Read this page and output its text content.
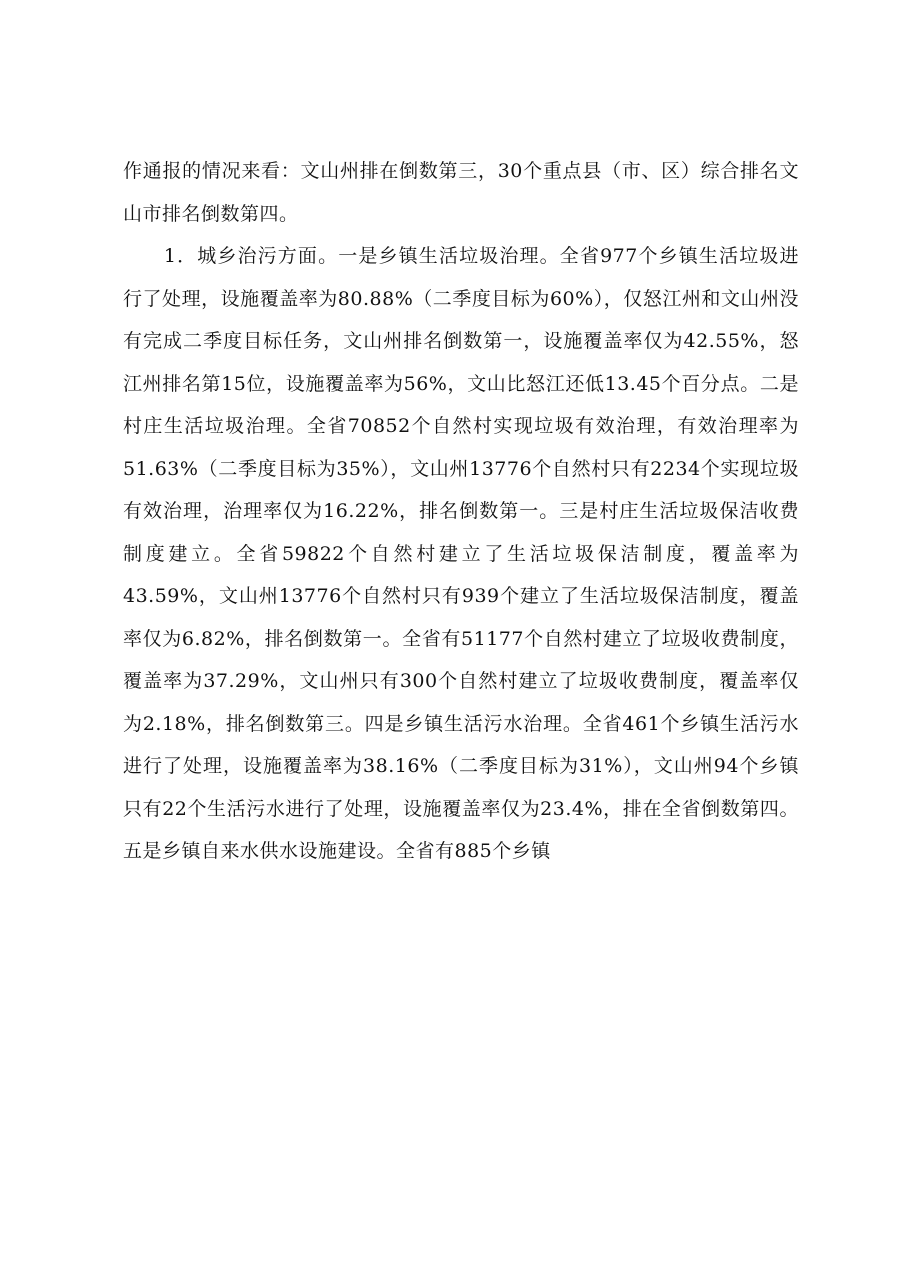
作通报的情况来看：文山州排在倒数第三，30个重点县（市、区）综合排名文山市排名倒数第四。

1．城乡治污方面。一是乡镇生活垃圾治理。全省977个乡镇生活垃圾进行了处理，设施覆盖率为80.88%（二季度目标为60%），仅怒江州和文山州没有完成二季度目标任务，文山州排名倒数第一，设施覆盖率仅为42.55%，怒江州排名第15位，设施覆盖率为56%，文山比怒江还低13.45个百分点。二是村庄生活垃圾治理。全省70852个自然村实现垃圾有效治理，有效治理率为51.63%（二季度目标为35%），文山州13776个自然村只有2234个实现垃圾有效治理，治理率仅为16.22%，排名倒数第一。三是村庄生活垃圾保洁收费制度建立。全省59822个自然村建立了生活垃圾保洁制度，覆盖率为43.59%，文山州13776个自然村只有939个建立了生活垃圾保洁制度，覆盖率仅为6.82%，排名倒数第一。全省有51177个自然村建立了垃圾收费制度，覆盖率为37.29%，文山州只有300个自然村建立了垃圾收费制度，覆盖率仅为2.18%，排名倒数第三。四是乡镇生活污水治理。全省461个乡镇生活污水进行了处理，设施覆盖率为38.16%（二季度目标为31%），文山州94个乡镇只有22个生活污水进行了处理，设施覆盖率仅为23.4%，排在全省倒数第四。五是乡镇自来水供水设施建设。全省有885个乡镇
